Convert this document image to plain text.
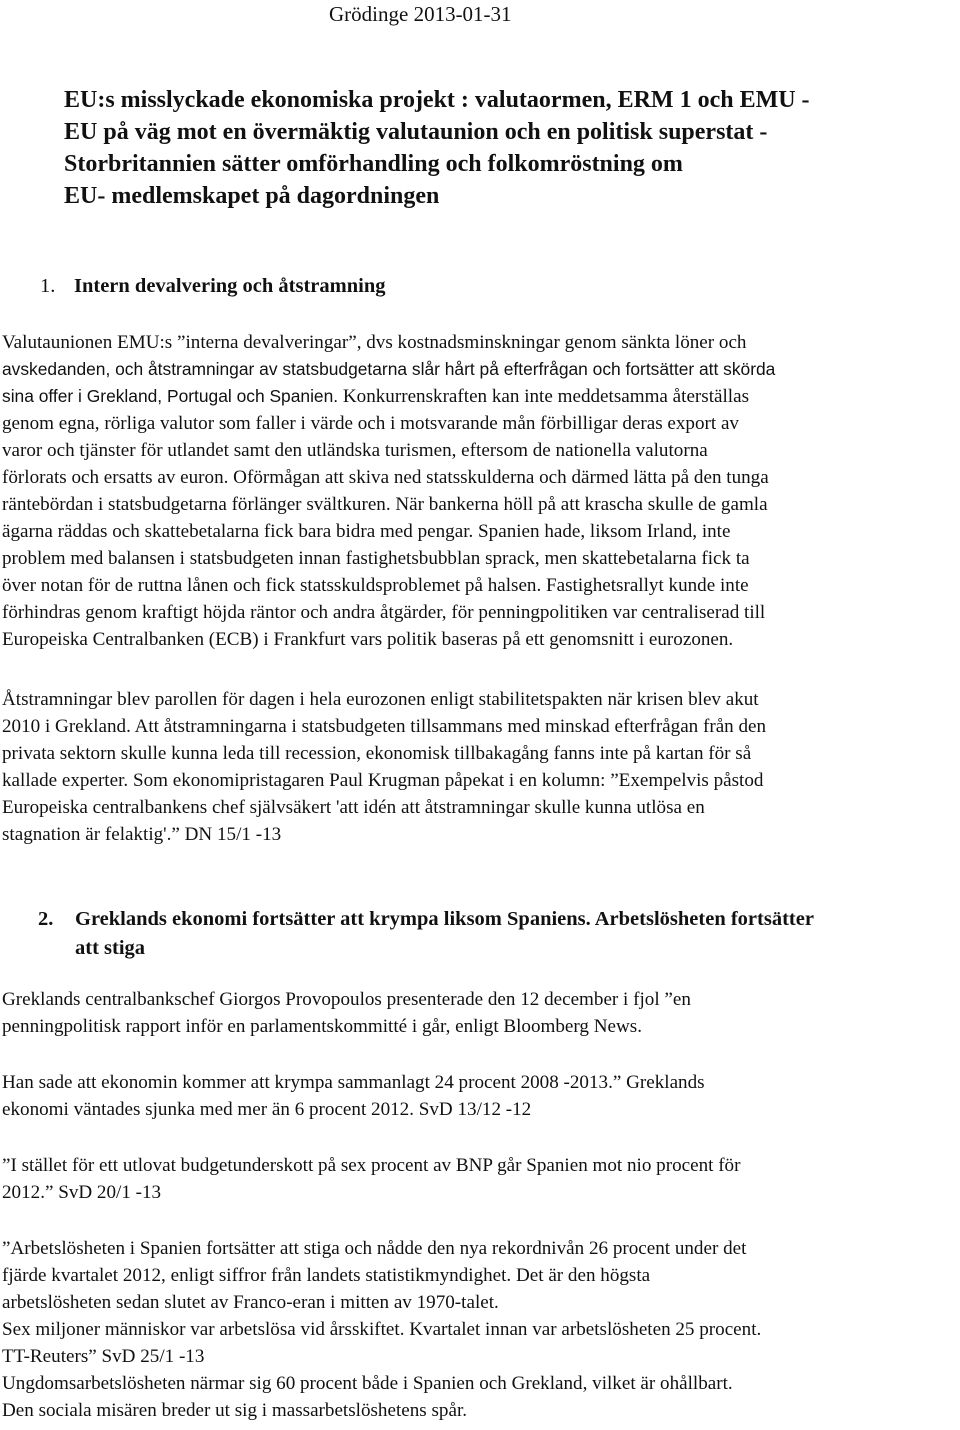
Grödinge 2013-01-31
EU:s misslyckade ekonomiska projekt : valutaormen, ERM 1 och EMU -
EU på väg mot en övermäktig valutaunion och en politisk superstat -
Storbritannien sätter omförhandling och folkomröstning om
EU- medlemskapet på dagordningen
1. Intern devalvering och åtstramning

Valutaunionen EMU:s ”interna devalveringar”, dvs kostnadsminskningar genom sänkta löner och
avskedanden, och åtstramningar av statsbudgetarna slår hårt på efterfrågan och fortsätter att skörda
sina offer i Grekland, Portugal och Spanien. Konkurrenskraften kan inte meddetsamma återställas
genom egna, rörliga valutor som faller i värde och i motsvarande mån förbilligar deras export av
varor och tjänster för utlandet samt den utländska turismen, eftersom de nationella valutorna
förlorats och ersatts av euron. Oförmågan att skiva ned statsskulderna och därmed lätta på den tunga
räntebördan i statsbudgetarna förlänger sväl​tkuren. När bankerna höll på att krascha skulle de gamla
ägarna räddas och skattebetalarna fick bara bidra med pengar. Spanien hade, liksom Irland, inte
problem med balansen i statsbudgeten innan fastighetsbubblan sprack, men skattebetalarna fick ta
över notan för de ruttna lånen och fick statsskuldsproblemet på halsen. Fastighetsrallyt kunde inte
förhindras genom kraftigt höjda räntor och andra åtgärder, för penningpolitiken var centraliserad till
Europeiska Centralbanken (ECB) i Frankfurt vars politik baseras på ett genomsnitt i eurozonen.

Åtstramningar blev parollen för dagen i hela eurozonen enligt stabilitetspakten när krisen blev akut
2010 i Grekland. Att åtstramningarna i statsbudgeten tillsammans med minskad efterfrågan från den
privata sektorn skulle kunna leda till recession, ekonomisk tillbakagång fanns inte på kartan för så
kallade experter. Som ekonomipristagaren Paul Krugman påpekat i en kolumn: ”Exempelvis påstod
Europeiska centralbankens chef självsäkert 'att idén att åtstramningar skulle kunna utlösa en
stagnation är felaktig'.” DN 15/1 -13

2. Greklands ekonomi fortsätter att krympa liksom Spaniens. Arbetslösheten fortsätter
att stiga

Greklands centralbankschef Giorgos Provopoulos presenterade den 12 december i fjol ”en
penningpolitisk rapport inför en parlamentskommitté i går, enligt Bloomberg News.

Han sade att ekonomin kommer att krympa sammanlagt 24 procent 2008 -2013.” Greklands
ekonomi väntades sjunka med mer än 6 procent 2012. SvD 13/12 -12

”I stället för ett utlovat budgetunderskott på sex procent av BNP går Spanien mot nio procent för
2012.” SvD 20/1 -13

”Arbetslösheten i Spanien fortsätter att stiga och nådde den nya rekordnivån 26 procent under det
fjärde kvartalet 2012, enligt siffror från landets statistikmyndighet. Det är den högsta
arbetslösheten sedan slutet av Franco-eran i mitten av 1970-talet.
Sex miljoner människor var arbetslösa vid årsskiftet. Kvartalet innan var arbetslösheten 25 procent.
TT-Reuters” SvD 25/1 -13
Ungdomsarbetslösheten närmar sig 60 procent både i Spanien och Grekland, vilket är ohållbart.
Den sociala misären breder ut sig i massarbetslöshetens spår.
